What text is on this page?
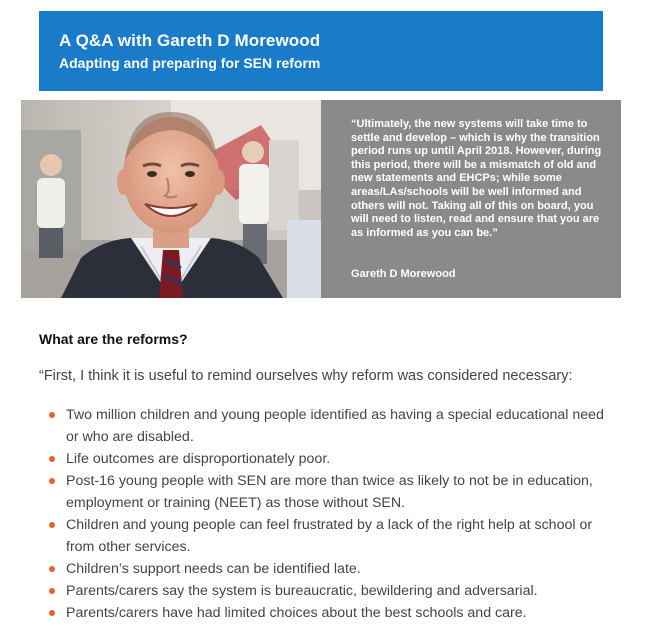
A Q&A with Gareth D Morewood
Adapting and preparing for SEN reform
“Ultimately, the new systems will take time to settle and develop – which is why the transition period runs up until April 2018. However, during this period, there will be a mismatch of old and new statements and EHCPs; while some areas/LAs/schools will be well informed and others will not. Taking all of this on board, you will need to listen, read and ensure that you are as informed as you can be.”
Gareth D Morewood
What are the reforms?
“First, I think it is useful to remind ourselves why reform was considered necessary:
Two million children and young people identified as having a special educational need or who are disabled.
Life outcomes are disproportionately poor.
Post-16 young people with SEN are more than twice as likely to not be in education, employment or training (NEET) as those without SEN.
Children and young people can feel frustrated by a lack of the right help at school or from other services.
Children’s support needs can be identified late.
Parents/carers say the system is bureaucratic, bewildering and adversarial.
Parents/carers have had limited choices about the best schools and care.
